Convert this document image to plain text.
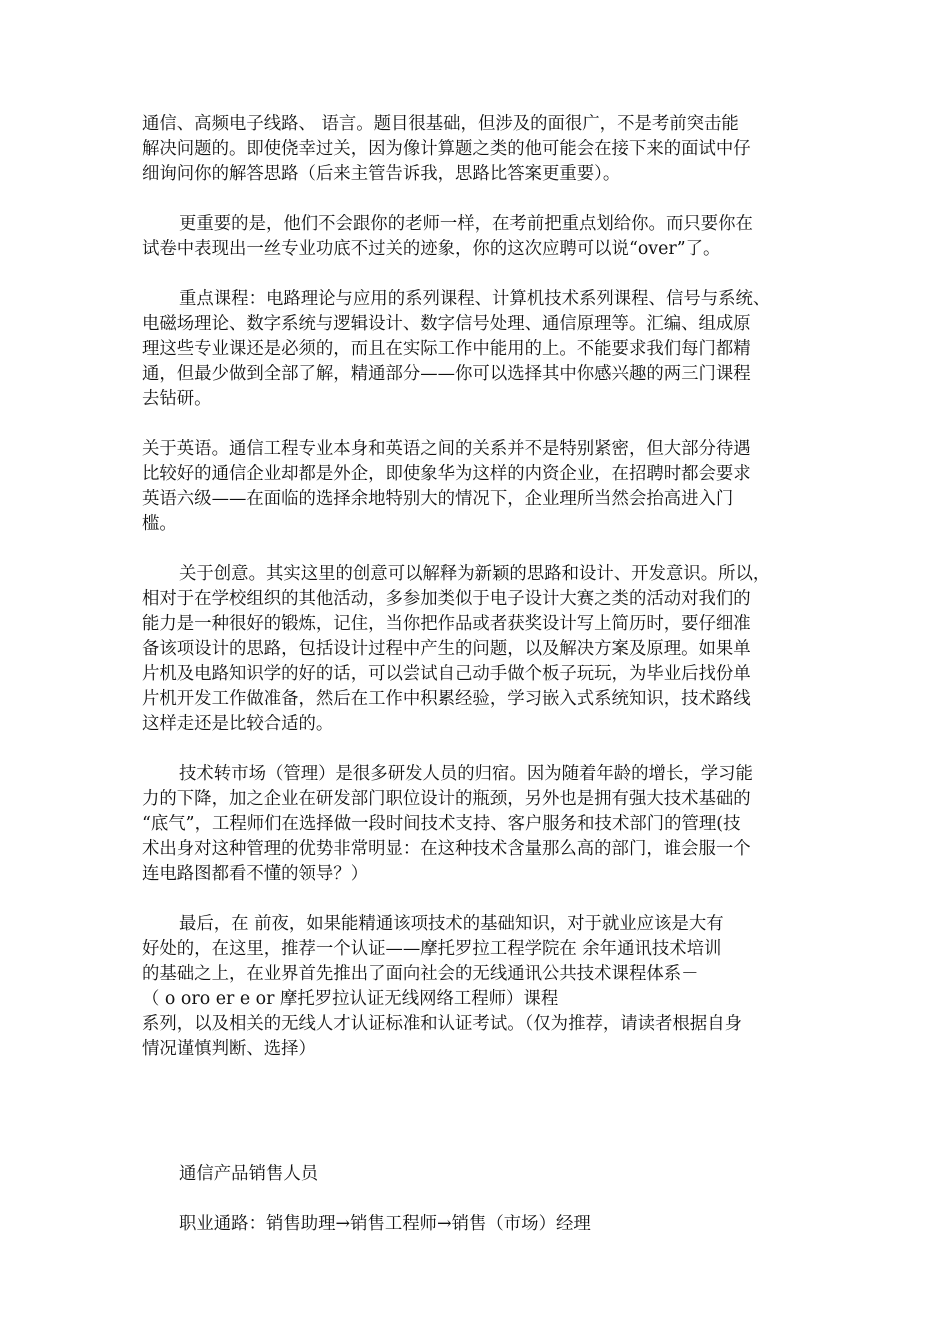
通信、高频电子线路、 语言。题目很基础，但涉及的面很广，不是考前突击能
解决问题的。即使侥幸过关，因为像计算题之类的他可能会在接下来的面试中仔
细询问你的解答思路（后来主管告诉我，思路比答案更重要）。
更重要的是，他们不会跟你的老师一样，在考前把重点划给你。而只要你在
试卷中表现出一丝专业功底不过关的迹象，你的这次应聘可以说“over”了。
重点课程：电路理论与应用的系列课程、计算机技术系列课程、信号与系统、
电磁场理论、数字系统与逻辑设计、数字信号处理、通信原理等。汇编、组成原
理这些专业课还是必须的，而且在实际工作中能用的上。不能要求我们每门都精
通，但最少做到全部了解，精通部分——你可以选择其中你感兴趣的两三门课程
去钻研。
关于英语。通信工程专业本身和英语之间的关系并不是特别紧密，但大部分待遇
比较好的通信企业却都是外企，即使象华为这样的内资企业，在招聘时都会要求
英语六级——在面临的选择余地特别大的情况下，企业理所当然会抬高进入门
槛。
关于创意。其实这里的创意可以解释为新颖的思路和设计、开发意识。所以，
相对于在学校组织的其他活动，多参加类似于电子设计大赛之类的活动对我们的
能力是一种很好的锻炼，记住，当你把作品或者获奖设计写上简历时，要仔细准
备该项设计的思路，包括设计过程中产生的问题，以及解决方案及原理。如果单
片机及电路知识学的好的话，可以尝试自己动手做个板子玩玩，为毕业后找份单
片机开发工作做准备，然后在工作中积累经验，学习嵌入式系统知识，技术路线
这样走还是比较合适的。
技术转市场（管理）是很多研发人员的归宿。因为随着年龄的增长，学习能
力的下降，加之企业在研发部门职位设计的瓶颈，另外也是拥有强大技术基础的
“底气”，工程师们在选择做一段时间技术支持、客户服务和技术部门的管理(技
术出身对这种管理的优势非常明显：在这种技术含量那么高的部门，谁会服一个
连电路图都看不懂的领导？）
最后，在 前夜，如果能精通该项技术的基础知识，对于就业应该是大有
好处的，在这里，推荐一个认证——摩托罗拉工程学院在 余年通讯技术培训
的基础之上，在业界首先推出了面向社会的无线通讯公共技术课程体系－
（ o oro er e or 摩托罗拉认证无线网络工程师）课程
系列，以及相关的无线人才认证标准和认证考试。（仅为推荐，请读者根据自身
情况谨慎判断、选择）
通信产品销售人员
职业通路：销售助理→销售工程师→销售（市场）经理
